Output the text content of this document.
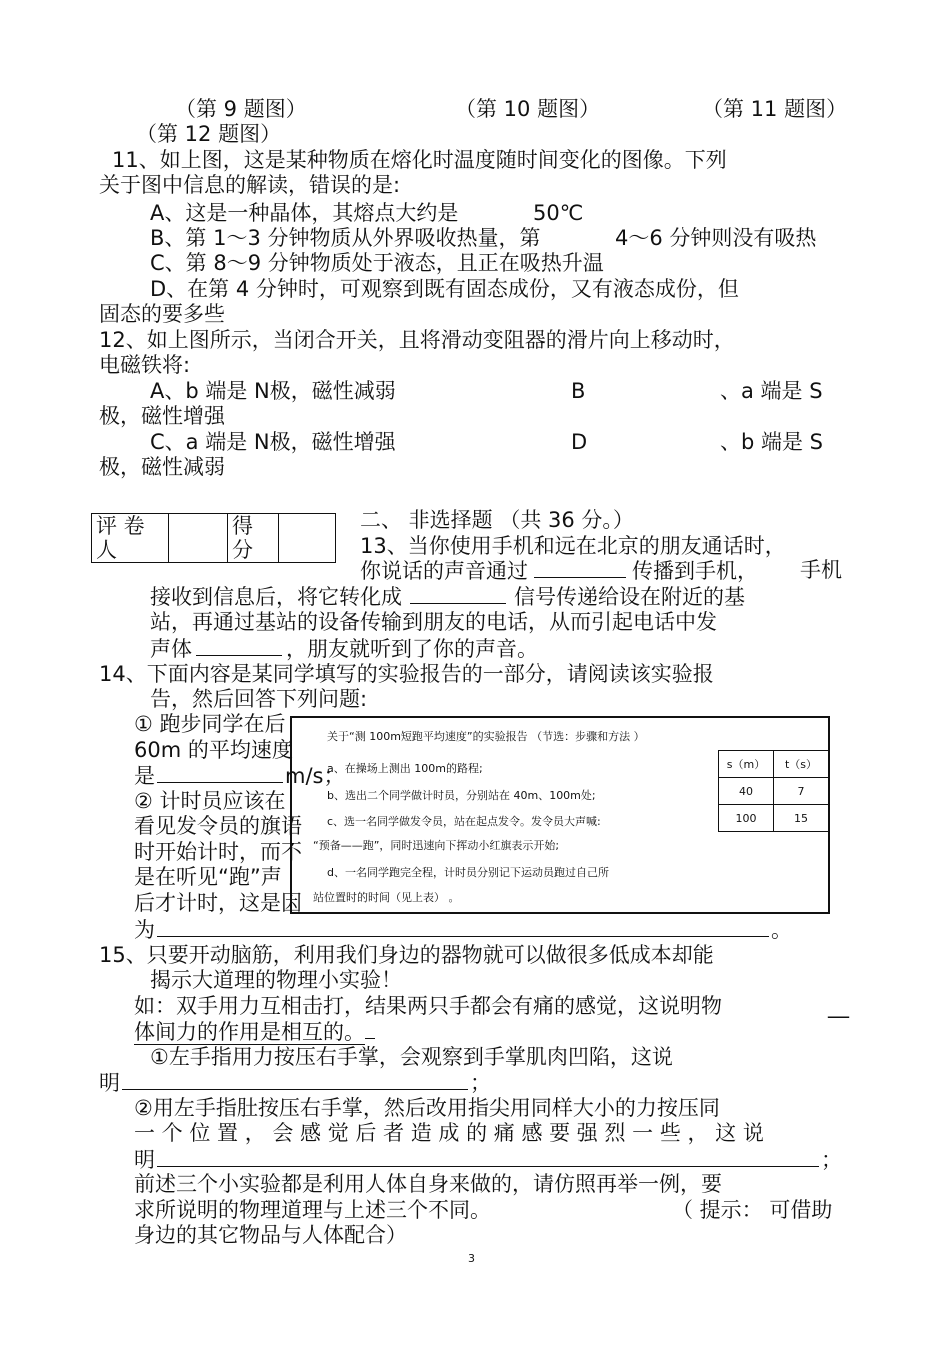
（第 9 题图）	（第 10 题图）	（第 11 题图）
（第 12 题图）
11、如上图，这是某种物质在熔化时温度随时间变化的图像。下列
关于图中信息的解读，错误的是:
A、这是一种晶体，其熔点大约是	50℃
B、第 1～3 分钟物质从外界吸收热量，第	4～6 分钟则没有吸热
C、第 8～9 分钟物质处于液态，且正在吸热升温
D、在第 4 分钟时，可观察到既有固态成份，又有液态成份，但
固态的要多些
12、如上图所示，当闭合开关，且将滑动变阻器的滑片向上移动时，
电磁铁将:
A、b 端是 N极，磁性减弱	B	、a 端是 S
极，磁性增强
C、a 端是 N极，磁性增强	D	、b 端是 S
极，磁性减弱
评 卷 人		得 分	
二、 非选择题 （共 36 分。）
13、当你使用手机和远在北京的朋友通话时，
你说话的声音通过	传播到手机， 手机
接收到信息后，将它转化成	信号传递给设在附近的基
站，再通过基站的设备传输到朋友的电话，从而引起电话中发
声体	，朋友就听到了你的声音。
14、下面内容是某同学填写的实验报告的一部分，请阅读该实验报
告，然后回答下列问题:
关于“测 100m短跑平均速度”的实验报告 （节选：步骤和方法 ）
a、在操场上测出 100m的路程;
b、选出二个同学做计时员，分别站在 40m、100m处;
c、选一名同学做发令员，站在起点发令。发令员大声喊:
“预备——跑”，同时迅速向下挥动小红旗表示开始;
d、一名同学跑完全程，计时员分别记下运动员跑过自己所
站位置时的时间（见上表） 。
s（m）	t（s）
40	7
100	15
① 跑步同学在后
60m 的平均速度
是	m/s；
② 计时员应该在
看见发令员的旗语
时开始计时，而不
是在听见“跑”声
后才计时，这是因
为	。
15、只要开动脑筋，利用我们身边的器物就可以做很多低成本却能
揭示大道理的物理小实验！
如：双手用力互相击打，结果两只手都会有痛的感觉，这说明物	__
体间力的作用是相互的。
①左手指用力按压右手掌，会观察到手掌肌肉凹陷，这说
明	；
②用左手指肚按压右手掌，然后改用指尖用同样大小的力按压同
一 个 位 置 ， 会 感 觉 后 者 造 成 的 痛 感 要 强 烈 一 些 ， 这 说
明	；
前述三个小实验都是利用人体自身来做的，请仿照再举一例，要
求所说明的物理道理与上述三个不同。	（ 提示： 可借助
身边的其它物品与人体配合）
3
